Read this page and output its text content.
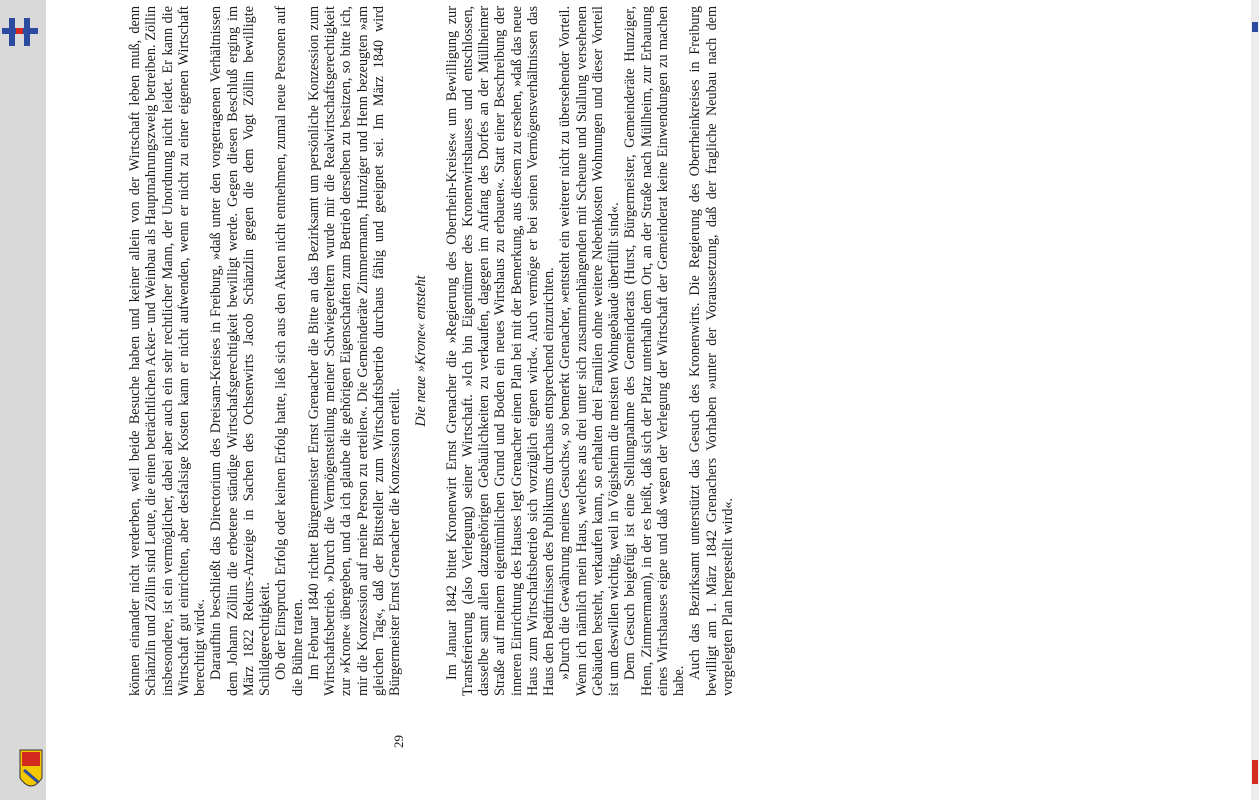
können einander nicht verderben, weil beide Besuche haben und keiner allein von der Wirtschaft leben muß, denn Schänzlin und Zöllin sind Leute, die einen beträchtlichen Acker- und Weinbau als Hauptnahrungszweig betreiben. Zöllin insbesondere, ist ein vermöglicher, dabei aber auch ein sehr rechtlicher Mann, der Unordnung nicht leidet. Er kann die Wirtschaft gut einrichten, aber desfalsige Kosten kann er nicht aufwenden, wenn er nicht zu einer eigenen Wirtschaft berechtigt wird«. Daraufhin beschließt das Directorium des Dreisam-Kreises in Freiburg, »daß unter den vorgetragenen Verhältnissen dem Johann Zöllin die erbetene ständige Wirtschafsgerechtigkeit bewilligt werde. Gegen diesen Beschluß erging im März 1822 Rekurs-Anzeige in Sachen des Ochsenwirts Jacob Schänzlin gegen die dem Vogt Zöllin bewilligte Schildgerechtigkeit. Ob der Einspruch Erfolg oder keinen Erfolg hatte, ließ sich aus den Akten nicht entnehmen, zumal neue Personen auf die Bühne traten. Im Februar 1840 richtet Bürgermeister Ernst Grenacher die Bitte an das Bezirksamt um persönliche Konzession zum Wirtschaftsbetrieb. »Durch die Vermögensteilung meiner Schwiegereltern wurde mir die Realwirtschaftsgerechtigkeit zur »Krone« übergeben, und da ich glaube die gehörigen Eigenschaften zum Betrieb derselben zu besitzen, so bitte ich, mir die Konzession auf meine Person zu erteilen«. Die Gemeinderäte Zimmermann, Hunziger und Henn bezeugten »am gleichen Tag«, daß der Bittsteller zum Wirtschaftsbetrieb durchaus fähig und geeignet sei. Im März 1840 wird Bürgermeister Ernst Grenacher die Konzession erteilt.

Die neue »Krone« entsteht Im Januar 1842 bittet Kronenwirt Ernst Grenacher die »Regierung des Oberrhein-Kreises« um Bewilligung zur Transferierung (also Verlegung) seiner Wirtschaft. »Ich bin Eigentümer des Kronenwirtshauses und entschlossen, dasselbe samt allen dazugehörigen Gebäulichkeiten zu verkaufen, dagegen im Anfang des Dorfes an der Müllheimer Straße auf meinem eigentümlichen Grund und Boden ein neues Wirtshaus zu erbauen«. Statt einer Beschreibung der inneren Einrichtung des Hauses legt Grenacher einen Plan bei mit der Bemerkung, aus diesem zu ersehen, »daß das neue Haus zum Wirtschaftsbetrieb sich vorzüglich eignen wird«. Auch vermöge er bei seinen Vermögensverhältnissen das Haus den Bedürfnissen des Publikums durchaus entsprechend einzurichten. »Durch die Gewährung meines Gesuchs«, so bemerkt Grenacher, »entsteht ein weiterer nicht zu übersehender Vorteil. Wenn ich nämlich mein Haus, welches aus drei unter sich zusammenhängenden mit Scheune und Stallung versehenen Gebäuden besteht, verkaufen kann, so erhalten drei Familien ohne weitere Nebenkosten Wohnungen und dieser Vorteil ist um deswillen wichtig, weil in Vögisheim die meisten Wohngebäude überfüllt sind«. Dem Gesuch beigefügt ist eine Stellungnahme des Gemeinderats (Hurst, Bürgermeister, Gemeinderäte Hunziger, Henn, Zimmermann), in der es heißt, daß sich der Platz unterhalb dem Ort, an der Straße nach Müllheim, zur Erbauung eines Wirtshauses eigne und daß wegen der Verlegung der Wirtschaft der Gemeinderat keine Einwendungen zu machen habe.

Auch das Bezirksamt unterstützt das Gesuch des Kronenwirts. Die Regierung des Oberrheinkreises in Freiburg bewilligt am 1. März 1842 Grenachers Vorhaben »unter der Voraussetzung, daß der fragliche Neubau nach dem vorgelegten Plan hergestellt wird«.

29
